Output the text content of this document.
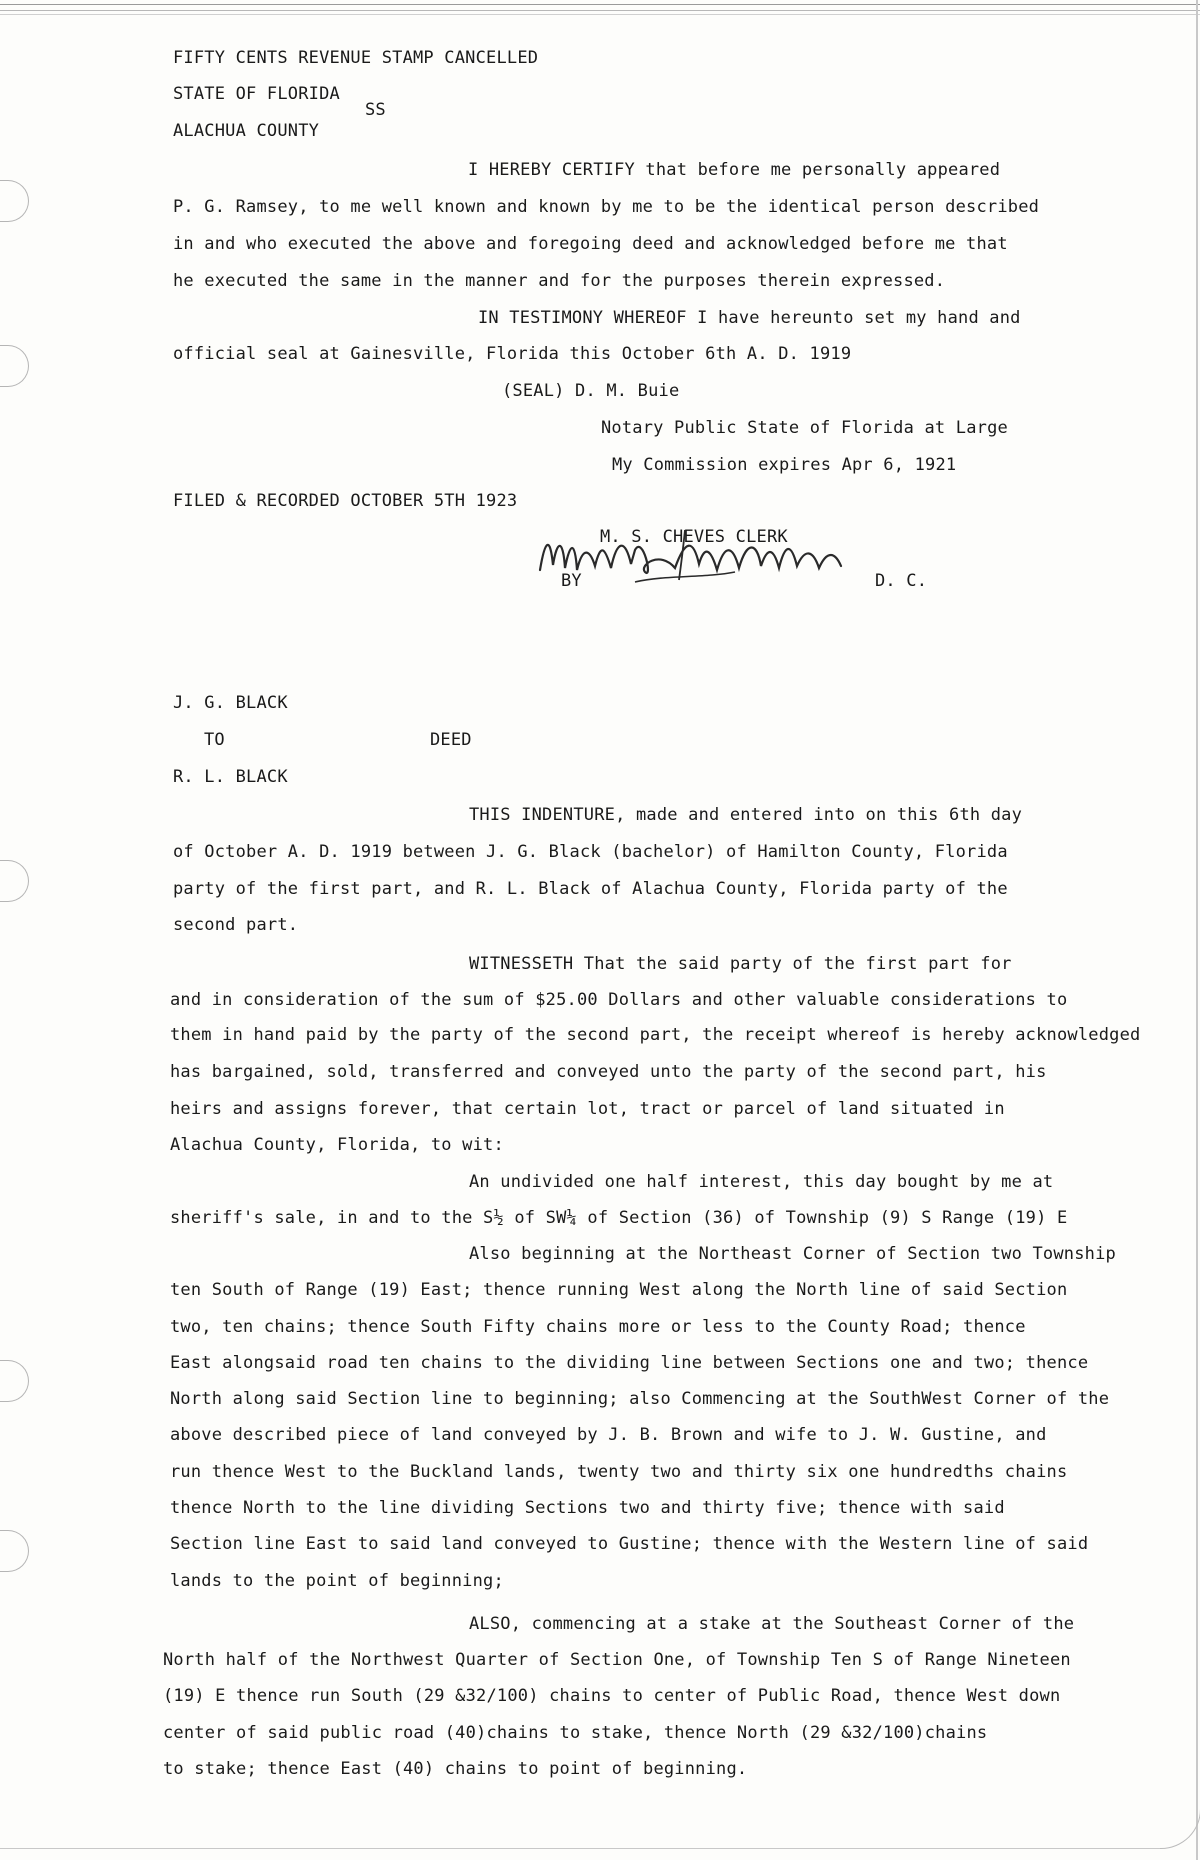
FIFTY CENTS REVENUE STAMP CANCELLED
STATE OF FLORIDA
SS
ALACHUA COUNTY
I HEREBY CERTIFY that before me personally appeared
P. G. Ramsey, to me well known and known by me to be the identical person described
in and who executed the above and foregoing deed and acknowledged before me that
he executed the same in the manner and for the purposes therein expressed.
IN TESTIMONY WHEREOF I have hereunto set my hand and
official seal at Gainesville, Florida this October 6th A. D. 1919
(SEAL) D. M. Buie
Notary Public State of Florida at Large
My Commission expires Apr 6, 1921
FILED & RECORDED OCTOBER 5TH 1923
M. S. CHEVES CLERK
BY	D. C.
J. G. BLACK
TO	DEED
R. L. BLACK
THIS INDENTURE, made and entered into on this 6th day
of October A. D. 1919 between J. G. Black (bachelor) of Hamilton County, Florida
party of the first part, and R. L. Black of Alachua County, Florida party of the
second part.
WITNESSETH That the said party of the first part for
and in consideration of the sum of $25.00 Dollars and other valuable considerations to
them in hand paid by the party of the second part, the receipt whereof is hereby acknowledged
has bargained, sold, transferred and conveyed unto the party of the second part, his
heirs and assigns forever, that certain lot, tract or parcel of land situated in
Alachua County, Florida, to wit:
An undivided one half interest, this day bought by me at
sheriff's sale, in and to the S½ of SW¼ of Section (36) of Township (9) S Range (19) E
Also beginning at the Northeast Corner of Section two Township
ten South of Range (19) East; thence running West along the North line of said Section
two, ten chains; thence South Fifty chains more or less to the County Road; thence
East alongsaid road ten chains to the dividing line between Sections one and two; thence
North along said Section line to beginning; also Commencing at the SouthWest Corner of the
above described piece of land conveyed by J. B. Brown and wife to J. W. Gustine, and
run thence West to the Buckland lands, twenty two and thirty six one hundredths chains
thence North to the line dividing Sections two and thirty five; thence with said
Section line East to said land conveyed to Gustine; thence with the Western line of said
lands to the point of beginning;
ALSO, commencing at a stake at the Southeast Corner of the
North half of the Northwest Quarter of Section One, of Township Ten S of Range Nineteen
(19) E thence run South (29 &32/100) chains to center of Public Road, thence West down
center of said public road (40)chains to stake, thence North (29 &32/100)chains
to stake; thence East (40) chains to point of beginning.
